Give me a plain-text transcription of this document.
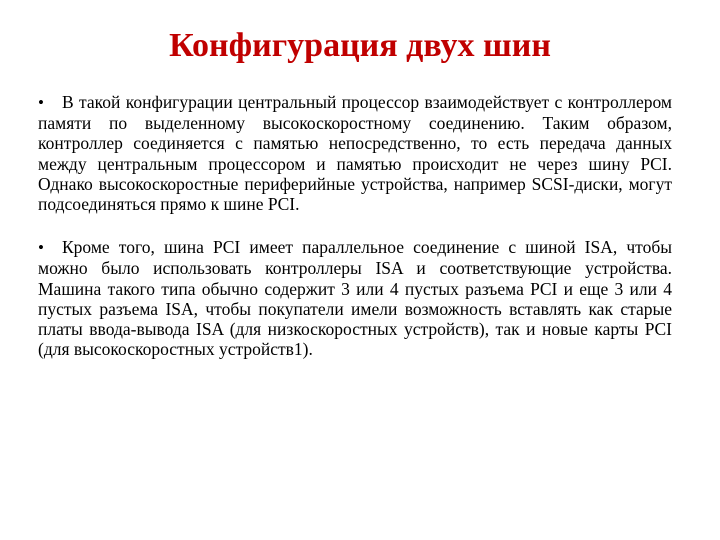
Конфигурация двух шин
• В такой конфигурации центральный процессор взаимодействует с контроллером памяти по выделенному высокоскоростному соединению. Таким образом, контроллер соединяется с памятью непосредственно, то есть передача данных между центральным процессором и памятью происходит не через шину PCI. Однако высокоскоростные периферийные устройства, например SCSI-диски, могут подсоединяться прямо к шине PCI.
• Кроме того, шина PCI имеет параллельное соединение с шиной ISA, чтобы можно было использовать контроллеры ISA и соответствующие устройства. Машина такого типа обычно содержит 3 или 4 пустых разъема PCI и еще 3 или 4 пустых разъема ISA, чтобы покупатели имели возможность вставлять как старые платы ввода-вывода ISA (для низкоскоростных устройств), так и новые карты PCI (для высокоскоростных устройств1).
